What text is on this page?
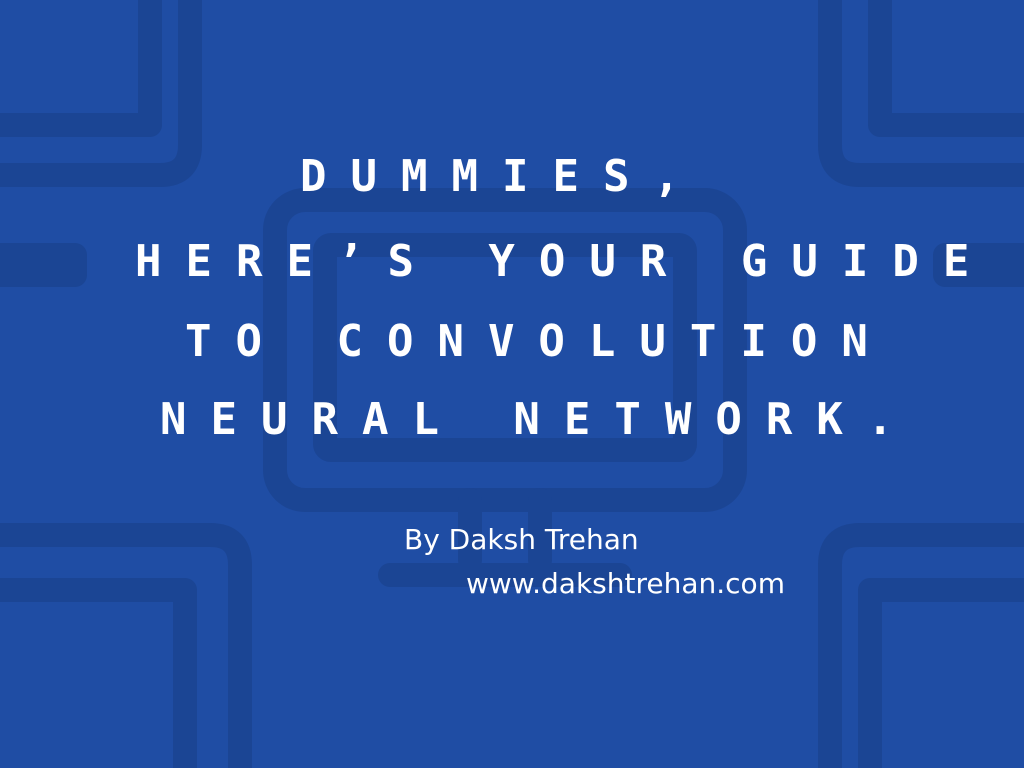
DUMMIES,
HERE’S YOUR GUIDE
TO CONVOLUTION
NEURAL NETWORK.
By Daksh Trehan
www.dakshtrehan.com
